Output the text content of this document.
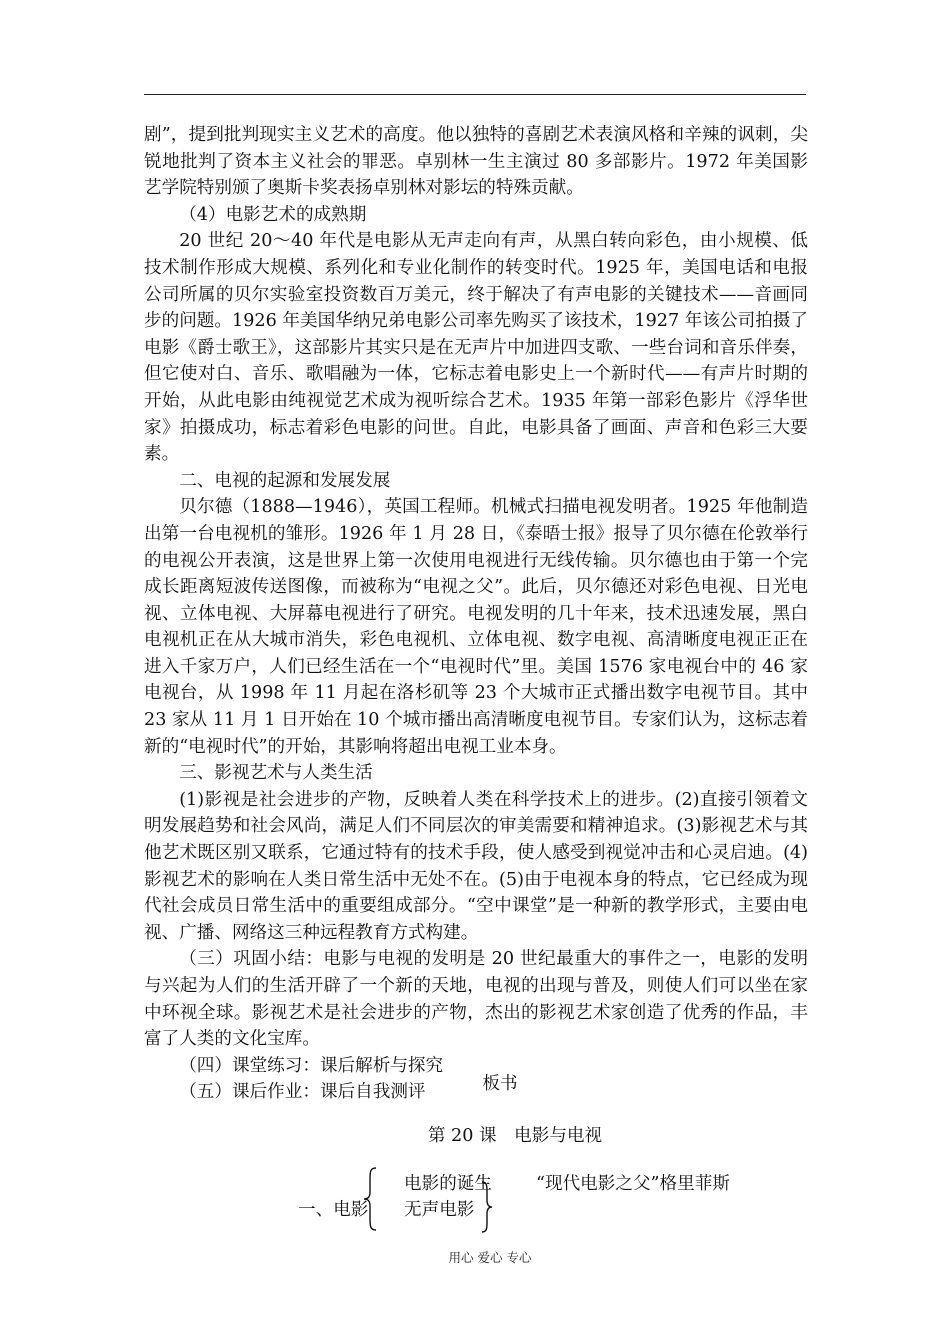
剧”，提到批判现实主义艺术的高度。他以独特的喜剧艺术表演风格和辛辣的讽刺，尖锐地批判了资本主义社会的罪恶。卓别林一生主演过 80 多部影片。1972 年美国影艺学院特别颁了奥斯卡奖表扬卓别林对影坛的特殊贡献。

（4）电影艺术的成熟期

20 世纪 20～40 年代是电影从无声走向有声，从黑白转向彩色，由小规模、低技术制作形成大规模、系列化和专业化制作的转变时代。1925 年，美国电话和电报公司所属的贝尔实验室投资数百万美元，终于解决了有声电影的关键技术——音画同步的问题。1926 年美国华纳兄弟电影公司率先购买了该技术，1927 年该公司拍摄了电影《爵士歌王》，这部影片其实只是在无声片中加进四支歌、一些台词和音乐伴奏，但它使对白、音乐、歌唱融为一体，它标志着电影史上一个新时代——有声片时期的开始，从此电影由纯视觉艺术成为视听综合艺术。1935 年第一部彩色影片《浮华世家》拍摄成功，标志着彩色电影的问世。自此，电影具备了画面、声音和色彩三大要素。

二、电视的起源和发展发展

贝尔德（1888—1946），英国工程师。机械式扫描电视发明者。1925 年他制造出第一台电视机的雏形。1926 年 1 月 28 日，《泰晤士报》报导了贝尔德在伦敦举行的电视公开表演，这是世界上第一次使用电视进行无线传输。贝尔德也由于第一个完成长距离短波传送图像，而被称为“电视之父”。此后，贝尔德还对彩色电视、日光电视、立体电视、大屏幕电视进行了研究。电视发明的几十年来，技术迅速发展，黑白电视机正在从大城市消失，彩色电视机、立体电视、数字电视、高清晰度电视正正在进入千家万户，人们已经生活在一个“电视时代”里。美国 1576 家电视台中的 46 家电视台，从 1998 年 11 月起在洛杉矶等 23 个大城市正式播出数字电视节目。其中 23 家从 11 月 1 日开始在 10 个城市播出高清晰度电视节目。专家们认为，这标志着新的“电视时代”的开始，其影响将超出电视工业本身。

三、影视艺术与人类生活

(1)影视是社会进步的产物，反映着人类在科学技术上的进步。(2)直接引领着文明发展趋势和社会风尚，满足人们不同层次的审美需要和精神追求。(3)影视艺术与其他艺术既区别又联系，它通过特有的技术手段，使人感受到视觉冲击和心灵启迪。(4)影视艺术的影响在人类日常生活中无处不在。(5)由于电视本身的特点，它已经成为现代社会成员日常生活中的重要组成部分。“空中课堂”是一种新的教学形式，主要由电视、广播、网络这三种远程教育方式构建。

（三）巩固小结：电影与电视的发明是 20 世纪最重大的事件之一，电影的发明与兴起为人们的生活开辟了一个新的天地，电视的出现与普及，则使人们可以坐在家中环视全球。影视艺术是社会进步的产物，杰出的影视艺术家创造了优秀的作品，丰富了人类的文化宝库。

（四）课堂练习：课后解析与探究

（五）课后作业：课后自我测评	板书
第 20 课　电影与电视
一、电影
电影的诞生	“现代电影之父”格里菲斯
无声电影
用心 爱心 专心
